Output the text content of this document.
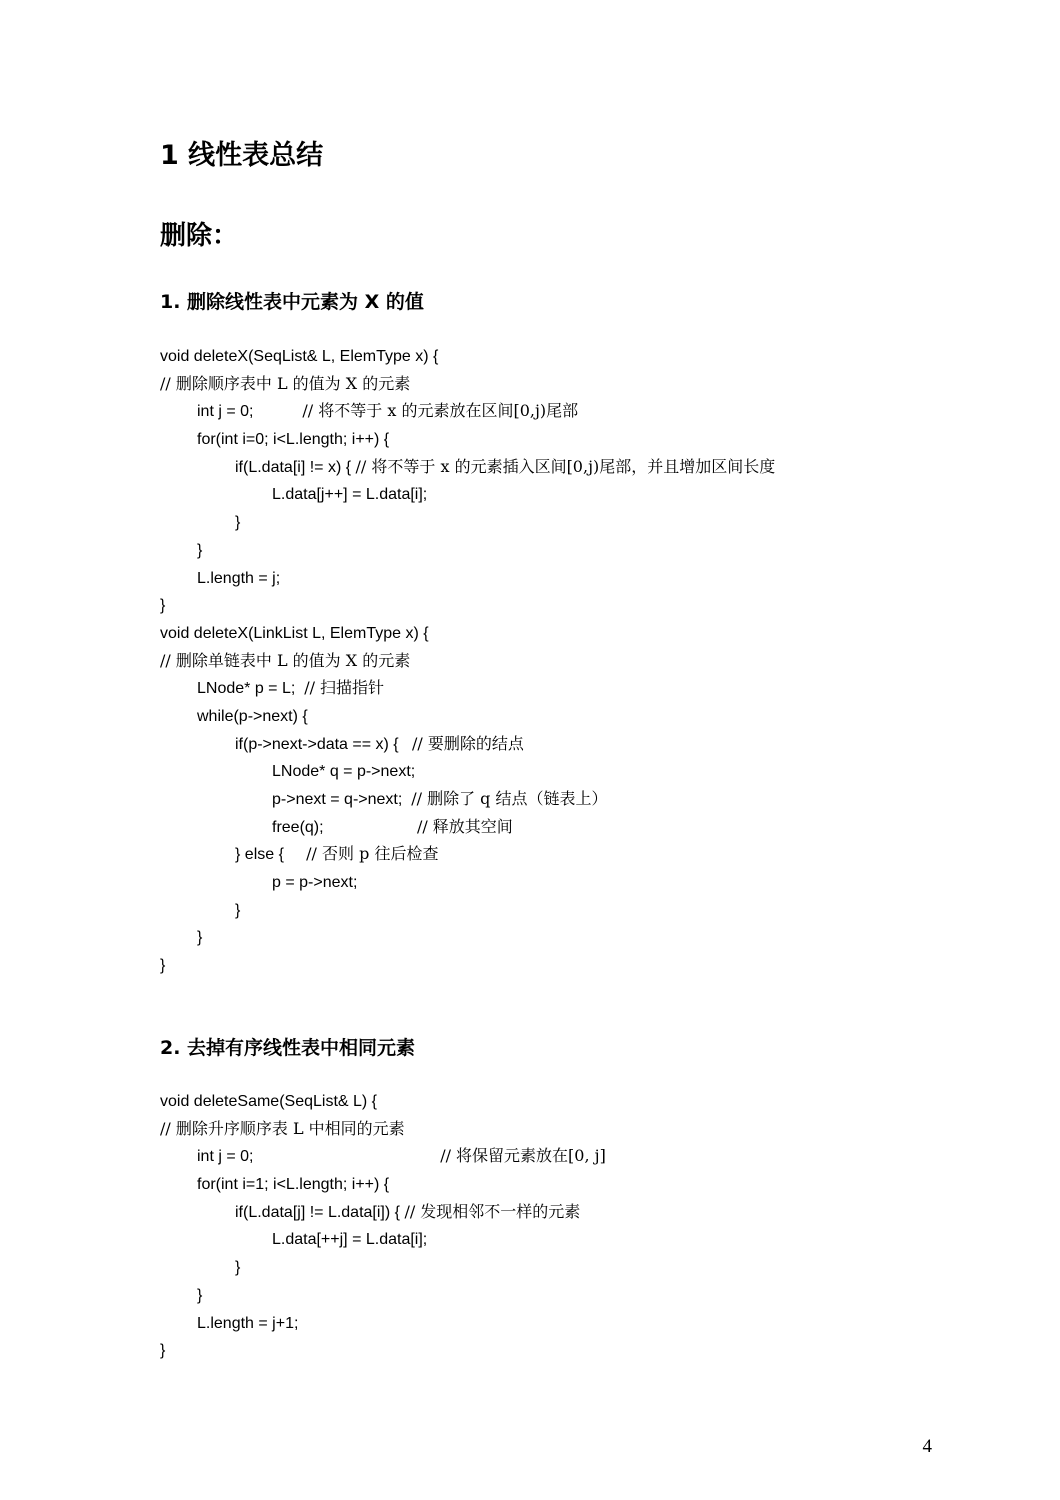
1 线性表总结
删除：
1. 删除线性表中元素为 X 的值
void deleteX(SeqList& L, ElemType x) {
// 删除顺序表中 L 的值为 X 的元素
int j = 0;	// 将不等于 x 的元素放在区间[0,j)尾部
for(int i=0; i<L.length; i++) {
if(L.data[i] != x) { // 将不等于 x 的元素插入区间[0,j)尾部，并且增加区间长度
L.data[j++] = L.data[i];
}
}
L.length = j;
}
void deleteX(LinkList L, ElemType x) {
// 删除单链表中 L 的值为 X 的元素
LNode* p = L;  // 扫描指针
while(p->next) {
if(p->next->data == x) {   // 要删除的结点
LNode* q = p->next;
p->next = q->next;  // 删除了 q 结点（链表上）
free(q);	// 释放其空间
} else {     // 否则 p 往后检查
p = p->next;
}
}
}
2. 去掉有序线性表中相同元素
void deleteSame(SeqList& L) {
// 删除升序顺序表 L 中相同的元素
int j = 0;	// 将保留元素放在[0, j]
for(int i=1; i<L.length; i++) {
if(L.data[j] != L.data[i]) { // 发现相邻不一样的元素
L.data[++j] = L.data[i];
}
}
L.length = j+1;
}
4
